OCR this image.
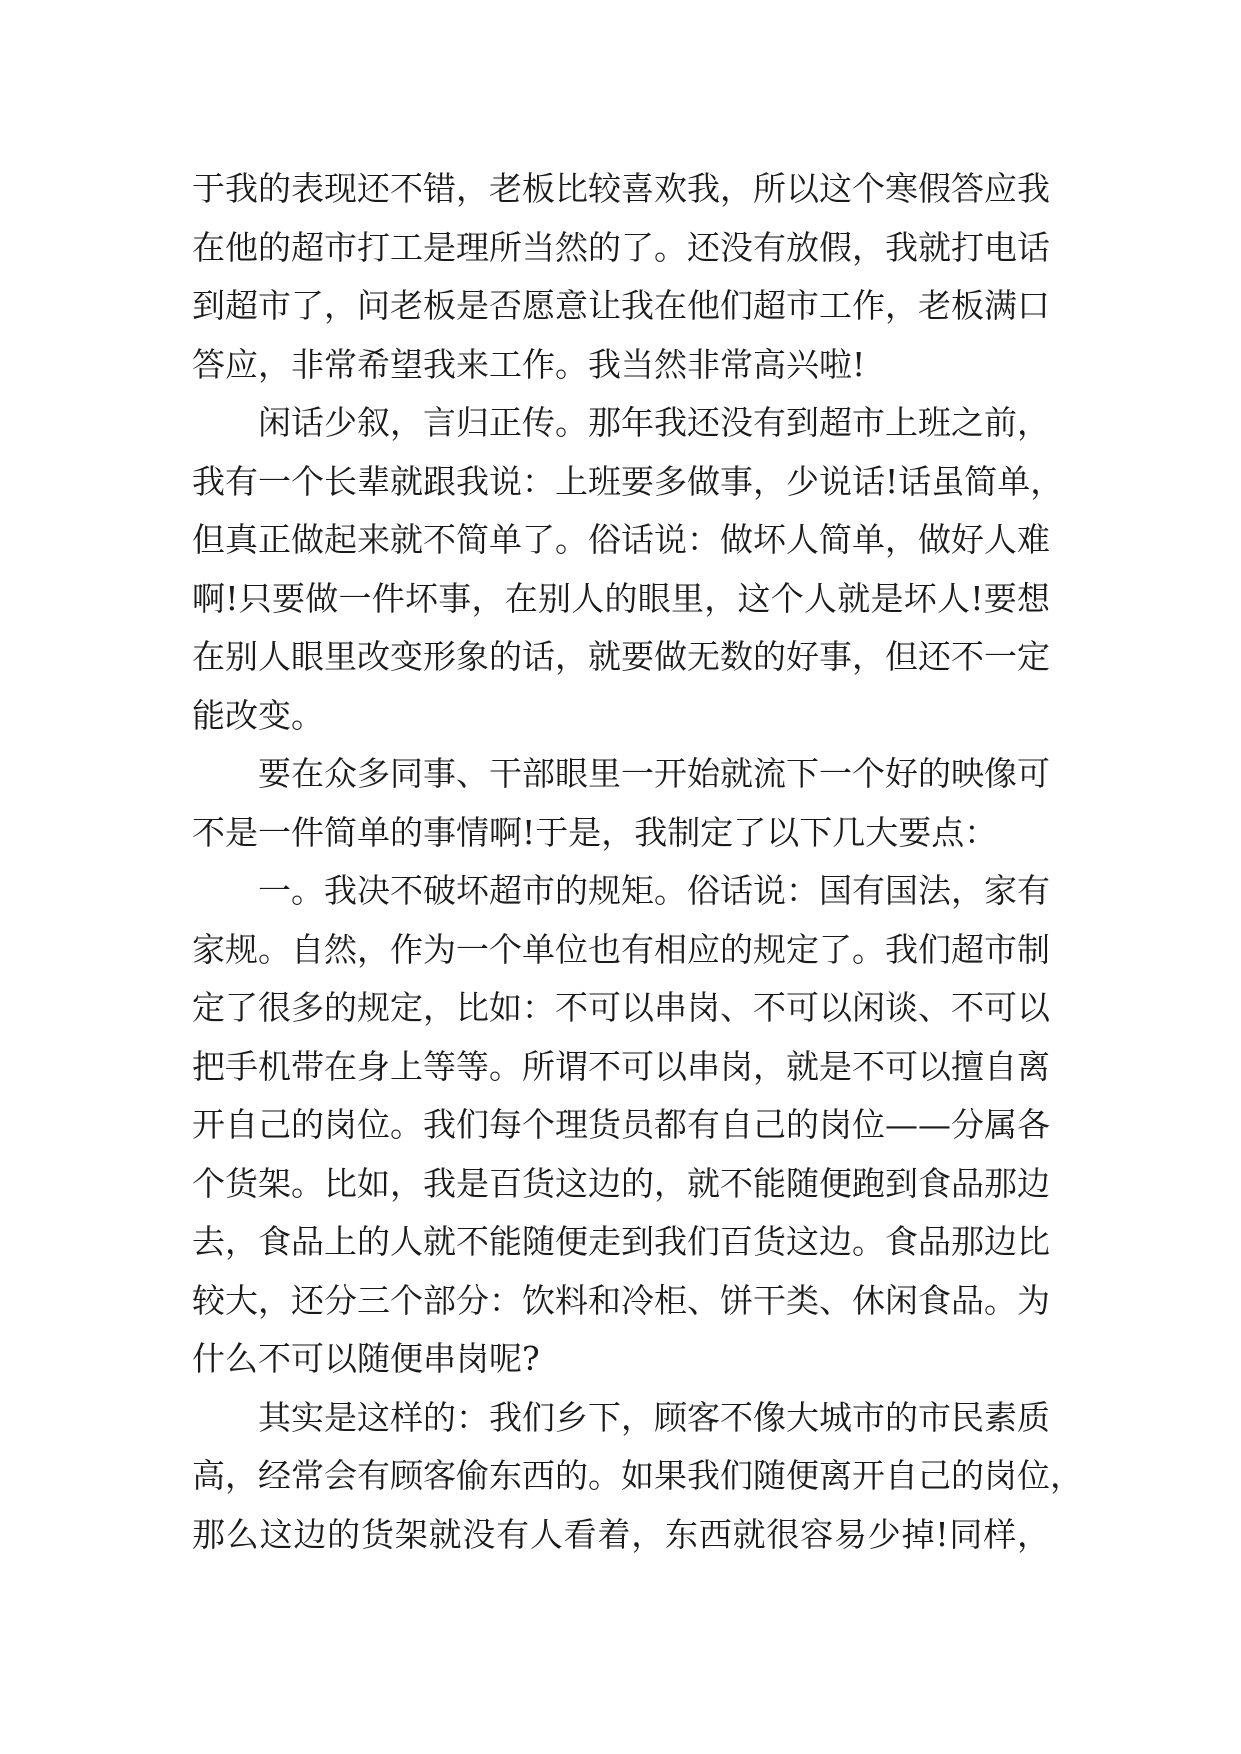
于我的表现还不错，老板比较喜欢我，所以这个寒假答应我
在他的超市打工是理所当然的了。还没有放假，我就打电话
到超市了，问老板是否愿意让我在他们超市工作，老板满口
答应，非常希望我来工作。我当然非常高兴啦!
　　闲话少叙，言归正传。那年我还没有到超市上班之前，
我有一个长辈就跟我说：上班要多做事，少说话!话虽简单，
但真正做起来就不简单了。俗话说：做坏人简单，做好人难
啊!只要做一件坏事，在别人的眼里，这个人就是坏人!要想
在别人眼里改变形象的话，就要做无数的好事，但还不一定
能改变。
　　要在众多同事、干部眼里一开始就流下一个好的映像可
不是一件简单的事情啊!于是，我制定了以下几大要点：
　　一。我决不破坏超市的规矩。俗话说：国有国法，家有
家规。自然，作为一个单位也有相应的规定了。我们超市制
定了很多的规定，比如：不可以串岗、不可以闲谈、不可以
把手机带在身上等等。所谓不可以串岗，就是不可以擅自离
开自己的岗位。我们每个理货员都有自己的岗位——分属各
个货架。比如，我是百货这边的，就不能随便跑到食品那边
去，食品上的人就不能随便走到我们百货这边。食品那边比
较大，还分三个部分：饮料和冷柜、饼干类、休闲食品。为
什么不可以随便串岗呢?
　　其实是这样的：我们乡下，顾客不像大城市的市民素质
高，经常会有顾客偷东西的。如果我们随便离开自己的岗位，
那么这边的货架就没有人看着，东西就很容易少掉!同样，
